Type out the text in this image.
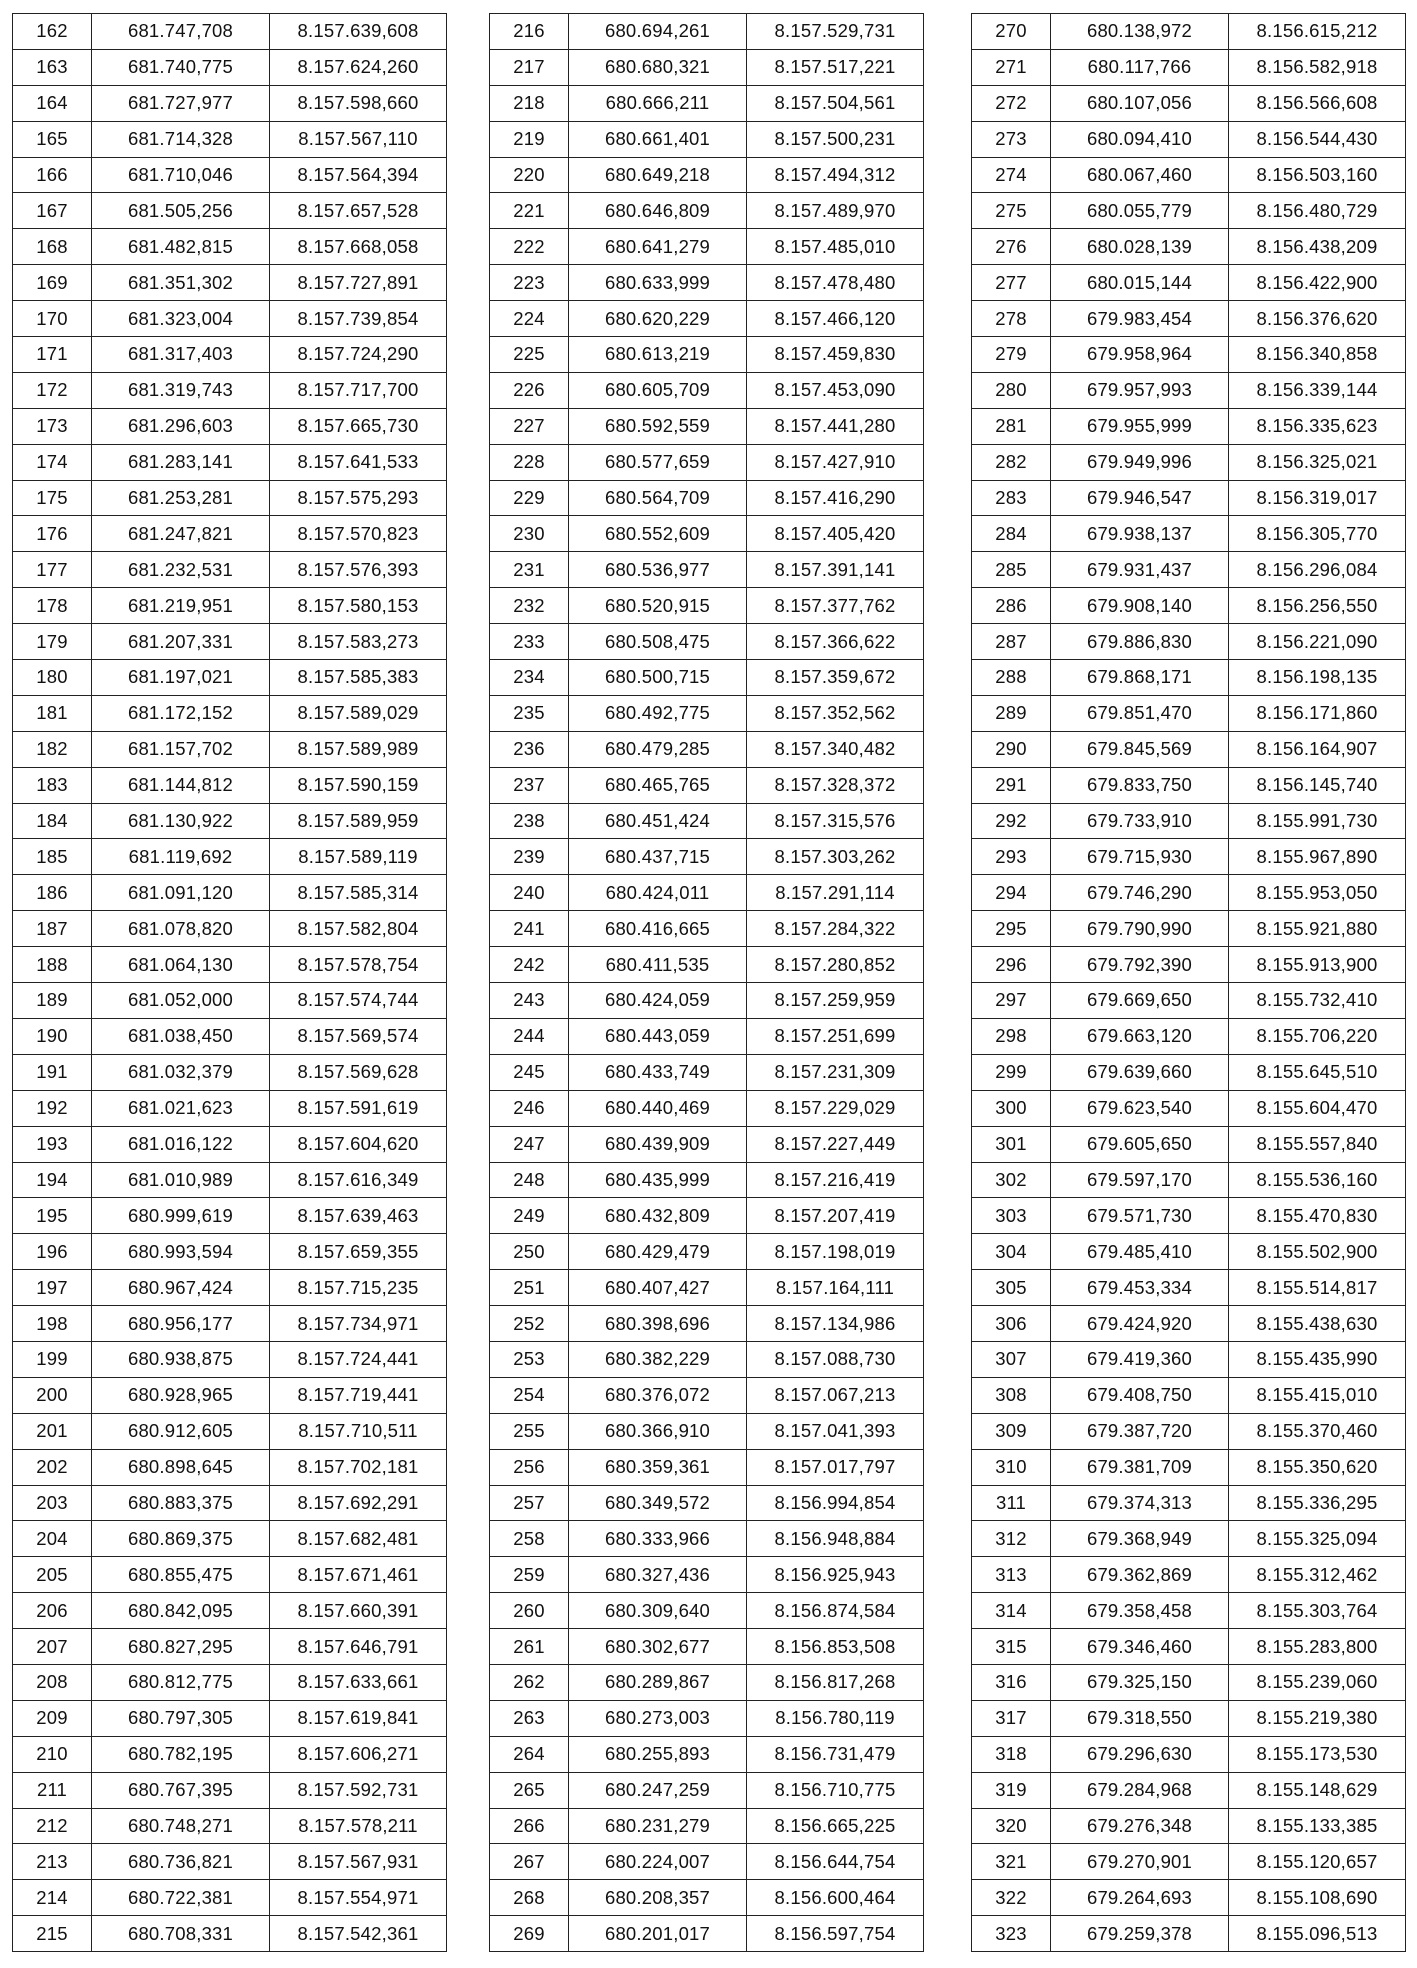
162	681.747,708	8.157.639,608
163	681.740,775	8.157.624,260
164	681.727,977	8.157.598,660
165	681.714,328	8.157.567,110
166	681.710,046	8.157.564,394
167	681.505,256	8.157.657,528
168	681.482,815	8.157.668,058
169	681.351,302	8.157.727,891
170	681.323,004	8.157.739,854
171	681.317,403	8.157.724,290
172	681.319,743	8.157.717,700
173	681.296,603	8.157.665,730
174	681.283,141	8.157.641,533
175	681.253,281	8.157.575,293
176	681.247,821	8.157.570,823
177	681.232,531	8.157.576,393
178	681.219,951	8.157.580,153
179	681.207,331	8.157.583,273
180	681.197,021	8.157.585,383
181	681.172,152	8.157.589,029
182	681.157,702	8.157.589,989
183	681.144,812	8.157.590,159
184	681.130,922	8.157.589,959
185	681.119,692	8.157.589,119
186	681.091,120	8.157.585,314
187	681.078,820	8.157.582,804
188	681.064,130	8.157.578,754
189	681.052,000	8.157.574,744
190	681.038,450	8.157.569,574
191	681.032,379	8.157.569,628
192	681.021,623	8.157.591,619
193	681.016,122	8.157.604,620
194	681.010,989	8.157.616,349
195	680.999,619	8.157.639,463
196	680.993,594	8.157.659,355
197	680.967,424	8.157.715,235
198	680.956,177	8.157.734,971
199	680.938,875	8.157.724,441
200	680.928,965	8.157.719,441
201	680.912,605	8.157.710,511
202	680.898,645	8.157.702,181
203	680.883,375	8.157.692,291
204	680.869,375	8.157.682,481
205	680.855,475	8.157.671,461
206	680.842,095	8.157.660,391
207	680.827,295	8.157.646,791
208	680.812,775	8.157.633,661
209	680.797,305	8.157.619,841
210	680.782,195	8.157.606,271
211	680.767,395	8.157.592,731
212	680.748,271	8.157.578,211
213	680.736,821	8.157.567,931
214	680.722,381	8.157.554,971
215	680.708,331	8.157.542,361
216	680.694,261	8.157.529,731
217	680.680,321	8.157.517,221
218	680.666,211	8.157.504,561
219	680.661,401	8.157.500,231
220	680.649,218	8.157.494,312
221	680.646,809	8.157.489,970
222	680.641,279	8.157.485,010
223	680.633,999	8.157.478,480
224	680.620,229	8.157.466,120
225	680.613,219	8.157.459,830
226	680.605,709	8.157.453,090
227	680.592,559	8.157.441,280
228	680.577,659	8.157.427,910
229	680.564,709	8.157.416,290
230	680.552,609	8.157.405,420
231	680.536,977	8.157.391,141
232	680.520,915	8.157.377,762
233	680.508,475	8.157.366,622
234	680.500,715	8.157.359,672
235	680.492,775	8.157.352,562
236	680.479,285	8.157.340,482
237	680.465,765	8.157.328,372
238	680.451,424	8.157.315,576
239	680.437,715	8.157.303,262
240	680.424,011	8.157.291,114
241	680.416,665	8.157.284,322
242	680.411,535	8.157.280,852
243	680.424,059	8.157.259,959
244	680.443,059	8.157.251,699
245	680.433,749	8.157.231,309
246	680.440,469	8.157.229,029
247	680.439,909	8.157.227,449
248	680.435,999	8.157.216,419
249	680.432,809	8.157.207,419
250	680.429,479	8.157.198,019
251	680.407,427	8.157.164,111
252	680.398,696	8.157.134,986
253	680.382,229	8.157.088,730
254	680.376,072	8.157.067,213
255	680.366,910	8.157.041,393
256	680.359,361	8.157.017,797
257	680.349,572	8.156.994,854
258	680.333,966	8.156.948,884
259	680.327,436	8.156.925,943
260	680.309,640	8.156.874,584
261	680.302,677	8.156.853,508
262	680.289,867	8.156.817,268
263	680.273,003	8.156.780,119
264	680.255,893	8.156.731,479
265	680.247,259	8.156.710,775
266	680.231,279	8.156.665,225
267	680.224,007	8.156.644,754
268	680.208,357	8.156.600,464
269	680.201,017	8.156.597,754
270	680.138,972	8.156.615,212
271	680.117,766	8.156.582,918
272	680.107,056	8.156.566,608
273	680.094,410	8.156.544,430
274	680.067,460	8.156.503,160
275	680.055,779	8.156.480,729
276	680.028,139	8.156.438,209
277	680.015,144	8.156.422,900
278	679.983,454	8.156.376,620
279	679.958,964	8.156.340,858
280	679.957,993	8.156.339,144
281	679.955,999	8.156.335,623
282	679.949,996	8.156.325,021
283	679.946,547	8.156.319,017
284	679.938,137	8.156.305,770
285	679.931,437	8.156.296,084
286	679.908,140	8.156.256,550
287	679.886,830	8.156.221,090
288	679.868,171	8.156.198,135
289	679.851,470	8.156.171,860
290	679.845,569	8.156.164,907
291	679.833,750	8.156.145,740
292	679.733,910	8.155.991,730
293	679.715,930	8.155.967,890
294	679.746,290	8.155.953,050
295	679.790,990	8.155.921,880
296	679.792,390	8.155.913,900
297	679.669,650	8.155.732,410
298	679.663,120	8.155.706,220
299	679.639,660	8.155.645,510
300	679.623,540	8.155.604,470
301	679.605,650	8.155.557,840
302	679.597,170	8.155.536,160
303	679.571,730	8.155.470,830
304	679.485,410	8.155.502,900
305	679.453,334	8.155.514,817
306	679.424,920	8.155.438,630
307	679.419,360	8.155.435,990
308	679.408,750	8.155.415,010
309	679.387,720	8.155.370,460
310	679.381,709	8.155.350,620
311	679.374,313	8.155.336,295
312	679.368,949	8.155.325,094
313	679.362,869	8.155.312,462
314	679.358,458	8.155.303,764
315	679.346,460	8.155.283,800
316	679.325,150	8.155.239,060
317	679.318,550	8.155.219,380
318	679.296,630	8.155.173,530
319	679.284,968	8.155.148,629
320	679.276,348	8.155.133,385
321	679.270,901	8.155.120,657
322	679.264,693	8.155.108,690
323	679.259,378	8.155.096,513
